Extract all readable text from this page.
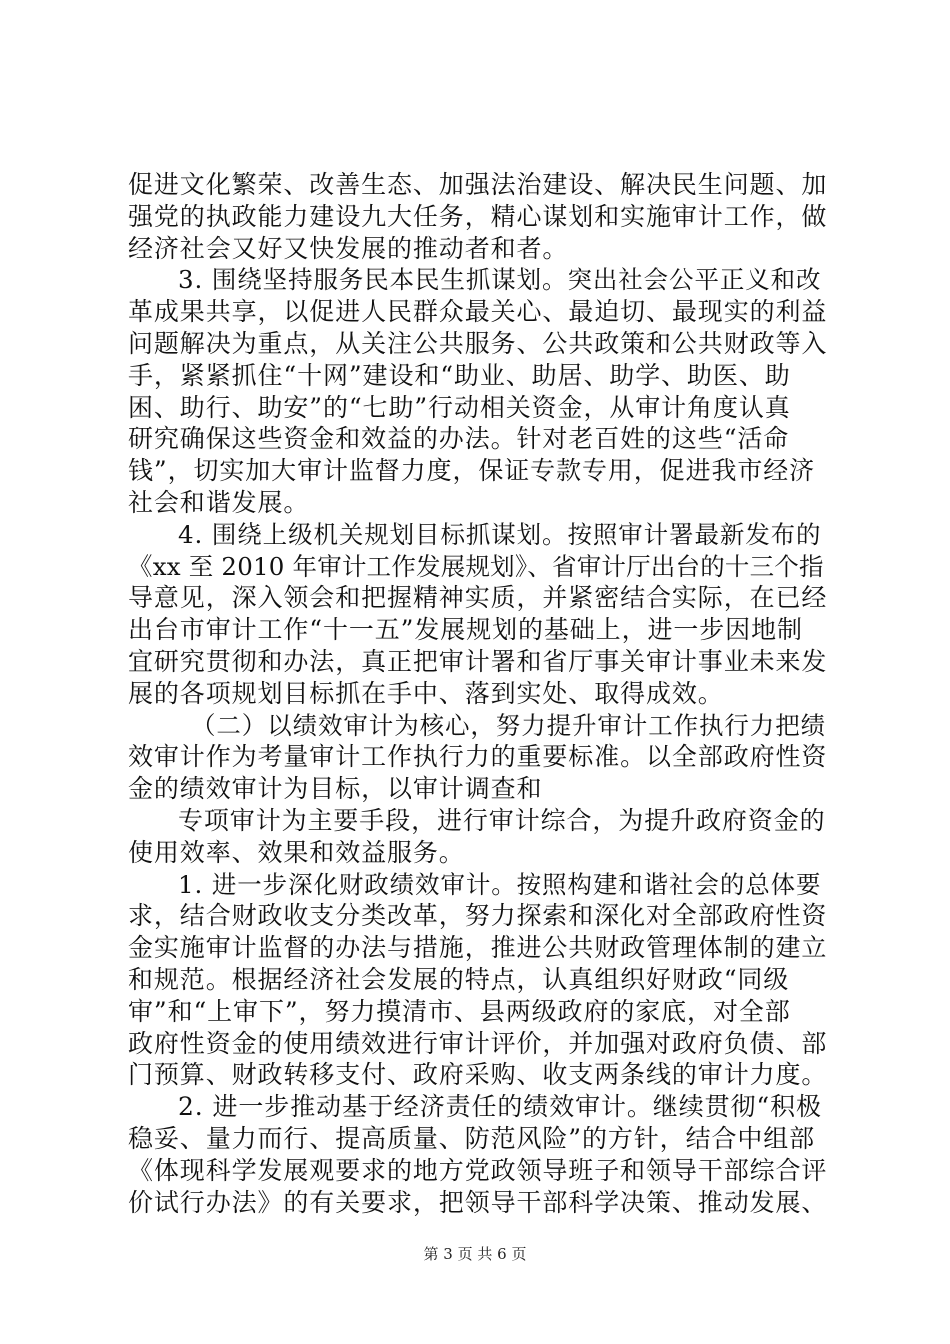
促进文化繁荣、改善生态、加强法治建设、解决民生问题、加
强党的执政能力建设九大任务，精心谋划和实施审计工作，做
经济社会又好又快发展的推动者和者。
3. 围绕坚持服务民本民生抓谋划。突出社会公平正义和改
革成果共享，以促进人民群众最关心、最迫切、最现实的利益
问题解决为重点，从关注公共服务、公共政策和公共财政等入
手，紧紧抓住“十网”建设和“助业、助居、助学、助医、助
困、助行、助安”的“七助”行动相关资金，从审计角度认真
研究确保这些资金和效益的办法。针对老百姓的这些“活命
钱”，切实加大审计监督力度，保证专款专用，促进我市经济
社会和谐发展。
4. 围绕上级机关规划目标抓谋划。按照审计署最新发布的
《xx 至 2010 年审计工作发展规划》、省审计厅出台的十三个指
导意见，深入领会和把握精神实质，并紧密结合实际，在已经
出台市审计工作“十一五”发展规划的基础上，进一步因地制
宜研究贯彻和办法，真正把审计署和省厅事关审计事业未来发
展的各项规划目标抓在手中、落到实处、取得成效。
（二）以绩效审计为核心，努力提升审计工作执行力把绩
效审计作为考量审计工作执行力的重要标准。以全部政府性资
金的绩效审计为目标，以审计调查和
专项审计为主要手段，进行审计综合，为提升政府资金的
使用效率、效果和效益服务。
1. 进一步深化财政绩效审计。按照构建和谐社会的总体要
求，结合财政收支分类改革，努力探索和深化对全部政府性资
金实施审计监督的办法与措施，推进公共财政管理体制的建立
和规范。根据经济社会发展的特点，认真组织好财政“同级
审”和“上审下”，努力摸清市、县两级政府的家底，对全部
政府性资金的使用绩效进行审计评价，并加强对政府负债、部
门预算、财政转移支付、政府采购、收支两条线的审计力度。
2. 进一步推动基于经济责任的绩效审计。继续贯彻“积极
稳妥、量力而行、提高质量、防范风险”的方针，结合中组部
《体现科学发展观要求的地方党政领导班子和领导干部综合评
价试行办法》的有关要求，把领导干部科学决策、推动发展、
第 3 页 共 6 页
